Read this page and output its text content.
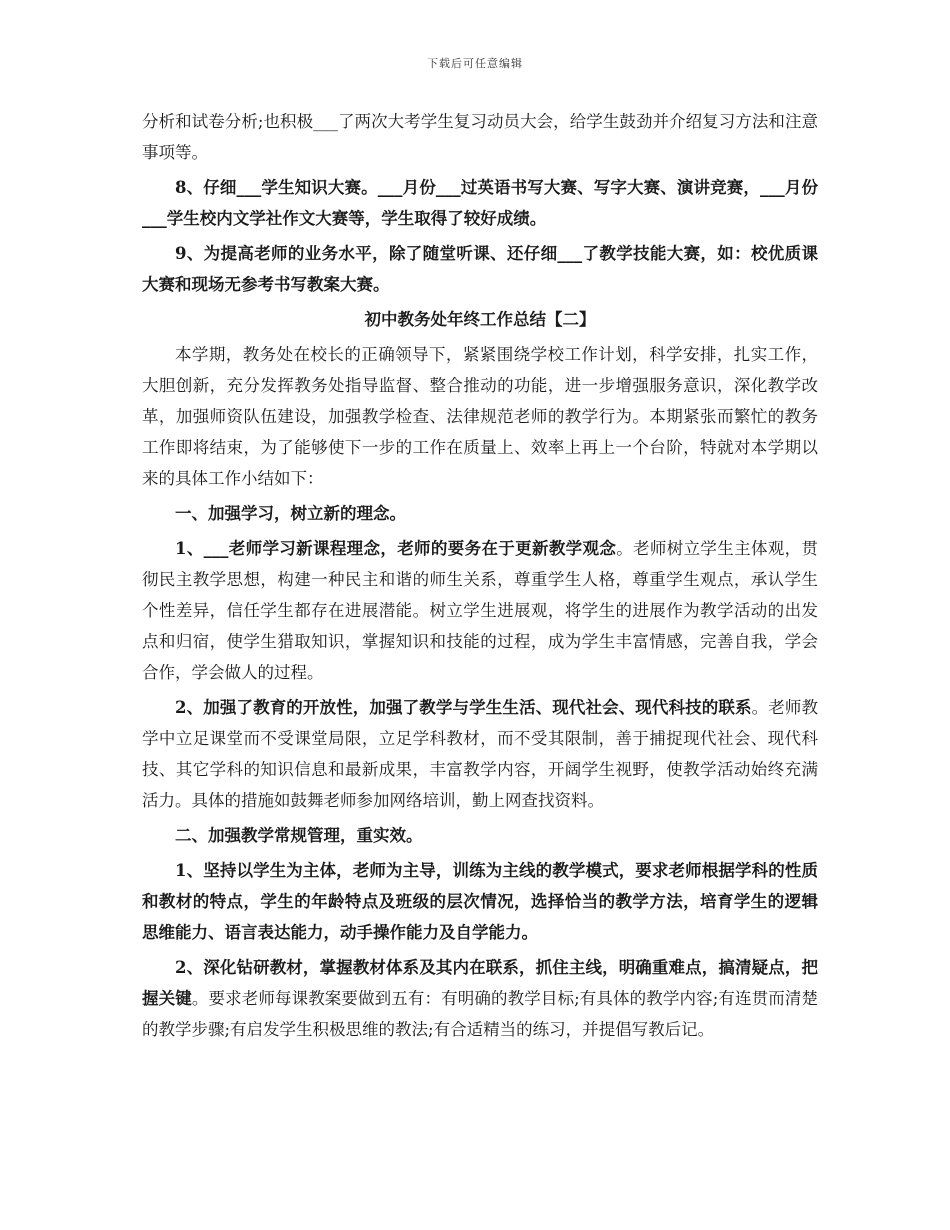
下载后可任意编辑

分析和试卷分析;也积极___了两次大考学生复习动员大会，给学生鼓劲并介绍复习方法和注意事项等。

8、仔细___学生知识大赛。___月份___过英语书写大赛、写字大赛、演讲竞赛，___月份___学生校内文学社作文大赛等，学生取得了较好成绩。

9、为提高老师的业务水平，除了随堂听课、还仔细___了教学技能大赛，如：校优质课大赛和现场无参考书写教案大赛。

初中教务处年终工作总结【二】

本学期，教务处在校长的正确领导下，紧紧围绕学校工作计划，科学安排，扎实工作，大胆创新，充分发挥教务处指导监督、整合推动的功能，进一步增强服务意识，深化教学改革，加强师资队伍建设，加强教学检查、法律规范老师的教学行为。本期紧张而繁忙的教务工作即将结束，为了能够使下一步的工作在质量上、效率上再上一个台阶，特就对本学期以来的具体工作小结如下：

一、加强学习，树立新的理念。

1、___老师学习新课程理念，老师的要务在于更新教学观念。老师树立学生主体观，贯彻民主教学思想，构建一种民主和谐的师生关系，尊重学生人格，尊重学生观点，承认学生个性差异，信任学生都存在进展潜能。树立学生进展观，将学生的进展作为教学活动的出发点和归宿，使学生猎取知识，掌握知识和技能的过程，成为学生丰富情感，完善自我，学会合作，学会做人的过程。

2、加强了教育的开放性，加强了教学与学生生活、现代社会、现代科技的联系。老师教学中立足课堂而不受课堂局限，立足学科教材，而不受其限制，善于捕捉现代社会、现代科技、其它学科的知识信息和最新成果，丰富教学内容，开阔学生视野，使教学活动始终充满活力。具体的措施如鼓舞老师参加网络培训，勤上网查找资料。

二、加强教学常规管理，重实效。

1、坚持以学生为主体，老师为主导，训练为主线的教学模式，要求老师根据学科的性质和教材的特点，学生的年龄特点及班级的层次情况，选择恰当的教学方法，培育学生的逻辑思维能力、语言表达能力，动手操作能力及自学能力。

2、深化钻研教材，掌握教材体系及其内在联系，抓住主线，明确重难点，搞清疑点，把握关键。要求老师每课教案要做到五有：有明确的教学目标;有具体的教学内容;有连贯而清楚的教学步骤;有启发学生积极思维的教法;有合适精当的练习，并提倡写教后记。
